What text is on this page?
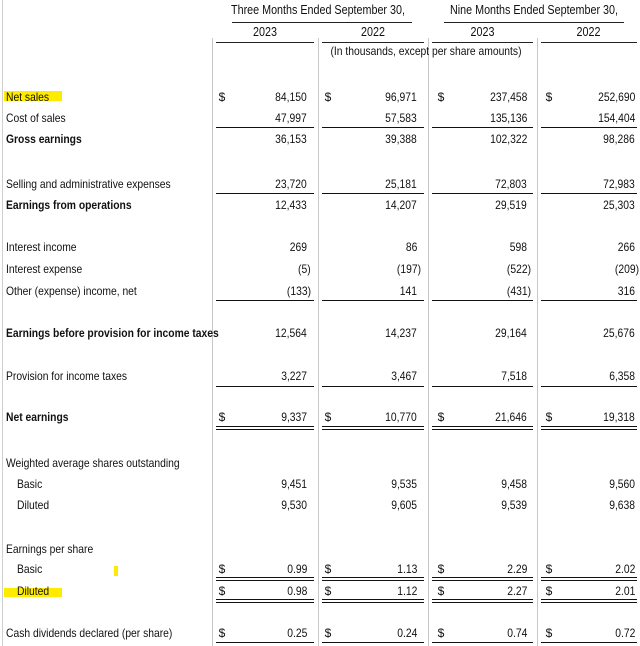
Three Months Ended September 30,	Nine Months Ended September 30,
2023	2022	2023	2022
(In thousands, except per share amounts)
Net sales	$	84,150 $	96,971 $	237,458 $	252,690
Cost of sales	47,997	57,583	135,136	154,404
Gross earnings	36,153	39,388	102,322	98,286
Selling and administrative expenses	23,720	25,181	72,803	72,983
Earnings from operations	12,433	14,207	29,519	25,303
Interest income	269	86	598	266
Interest expense	(5)	(197)	(522)	(209)
Other (expense) income, net	(133)	141	(431)	316
Earnings before provision for income taxes	12,564	14,237	29,164	25,676
Provision for income taxes	3,227	3,467	7,518	6,358
Net earnings	$	9,337 $	10,770 $	21,646 $	19,318
Weighted average shares outstanding
Basic	9,451	9,535	9,458	9,560
Diluted	9,530	9,605	9,539	9,638
Earnings per share
Basic	$	0.99 $	1.13 $	2.29 $	2.02
Diluted	$	0.98 $	1.12 $	2.27 $	2.01
Cash dividends declared (per share)	$	0.25 $	0.24 $	0.74 $	0.72
